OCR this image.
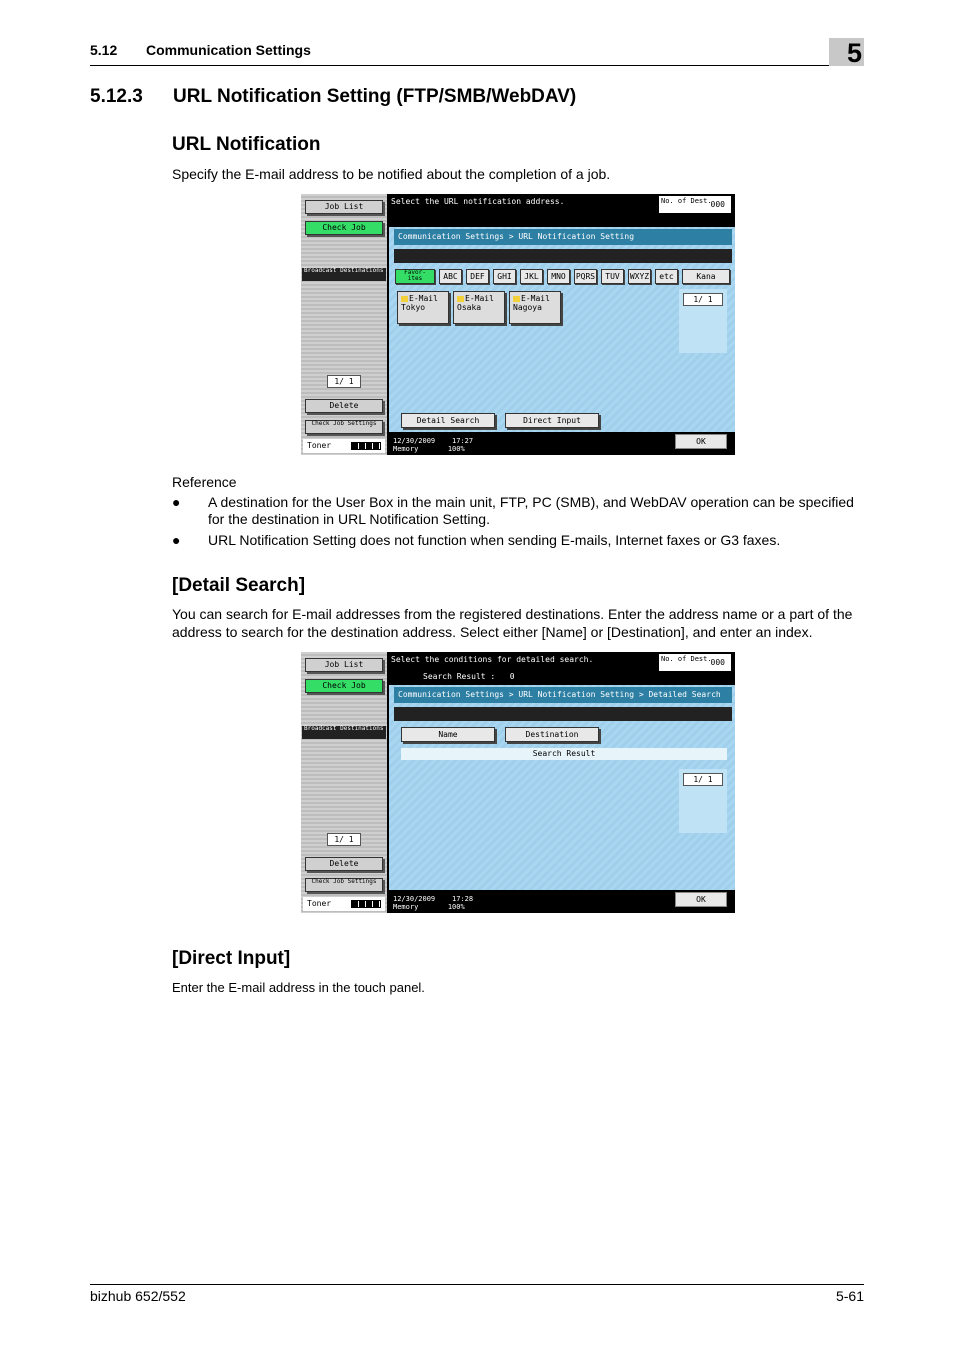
5.12 Communication Settings	5
5.12.3 URL Notification Setting (FTP/SMB/WebDAV)
URL Notification
Specify the E-mail address to be notified about the completion of a job.
Job List
Check Job
Broadcast Destinations
1/ 1
Delete
Check Job Settings
Toner
Select the URL notification address.	No. of Dest.
000
Communication Settings > URL Notification Setting
Favor- ites	ABC	DEF	GHI	JKL	MNO	PQRS	TUV	WXYZ	etc	Kana
E-Mail
Tokyo
E-Mail
Osaka
E-Mail
Nagoya
1/ 1
Detail Search	Direct Input
12/30/2009 17:27
Memory	100%
OK
Reference
● A destination for the User Box in the main unit, FTP, PC (SMB), and WebDAV operation can be specified for the destination in URL Notification Setting.
● URL Notification Setting does not function when sending E-mails, Internet faxes or G3 faxes.
[Detail Search]
You can search for E-mail addresses from the registered destinations. Enter the address name or a part of the address to search for the destination address. Select either [Name] or [Destination], and enter an index.
Job List
Check Job
Broadcast Destinations
1/ 1
Delete
Check Job Settings
Toner
Select the conditions for detailed search.
Search Result : 0
No. of Dest.
000
Communication Settings > URL Notification Setting > Detailed Search
Name	Destination
Search Result
1/ 1
12/30/2009 17:28
Memory	100%
OK
[Direct Input]
Enter the E-mail address in the touch panel.
bizhub 652/552	5-61
